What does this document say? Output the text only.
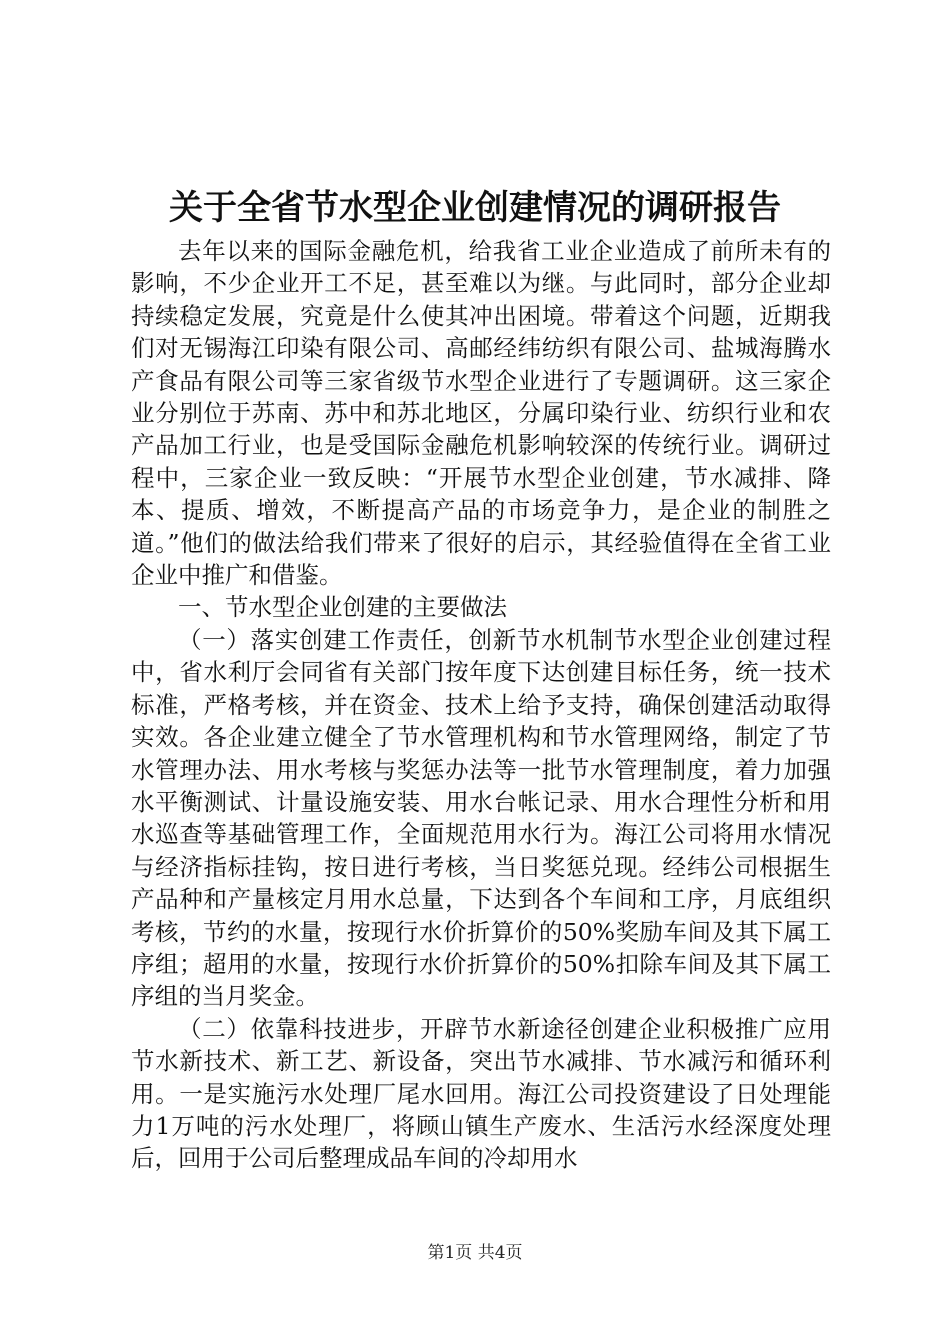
关于全省节水型企业创建情况的调研报告

去年以来的国际金融危机，给我省工业企业造成了前所未有的影响，不少企业开工不足，甚至难以为继。与此同时，部分企业却持续稳定发展，究竟是什么使其冲出困境。带着这个问题，近期我们对无锡海江印染有限公司、高邮经纬纺织有限公司、盐城海腾水产食品有限公司等三家省级节水型企业进行了专题调研。这三家企业分别位于苏南、苏中和苏北地区，分属印染行业、纺织行业和农产品加工行业，也是受国际金融危机影响较深的传统行业。调研过程中，三家企业一致反映：“开展节水型企业创建，节水减排、降本、提质、增效，不断提高产品的市场竞争力，是企业的制胜之道。”他们的做法给我们带来了很好的启示，其经验值得在全省工业企业中推广和借鉴。

一、节水型企业创建的主要做法

（一）落实创建工作责任，创新节水机制节水型企业创建过程中，省水利厅会同省有关部门按年度下达创建目标任务，统一技术标准，严格考核，并在资金、技术上给予支持，确保创建活动取得实效。各企业建立健全了节水管理机构和节水管理网络，制定了节水管理办法、用水考核与奖惩办法等一批节水管理制度，着力加强水平衡测试、计量设施安装、用水台帐记录、用水合理性分析和用水巡查等基础管理工作，全面规范用水行为。海江公司将用水情况与经济指标挂钩，按日进行考核，当日奖惩兑现。经纬公司根据生产品种和产量核定月用水总量，下达到各个车间和工序，月底组织考核，节约的水量，按现行水价折算价的50%奖励车间及其下属工序组；超用的水量，按现行水价折算价的50%扣除车间及其下属工序组的当月奖金。

（二）依靠科技进步，开辟节水新途径创建企业积极推广应用节水新技术、新工艺、新设备，突出节水减排、节水减污和循环利用。一是实施污水处理厂尾水回用。海江公司投资建设了日处理能力1万吨的污水处理厂，将顾山镇生产废水、生活污水经深度处理后，回用于公司后整理成品车间的冷却用水

第1页 共4页
